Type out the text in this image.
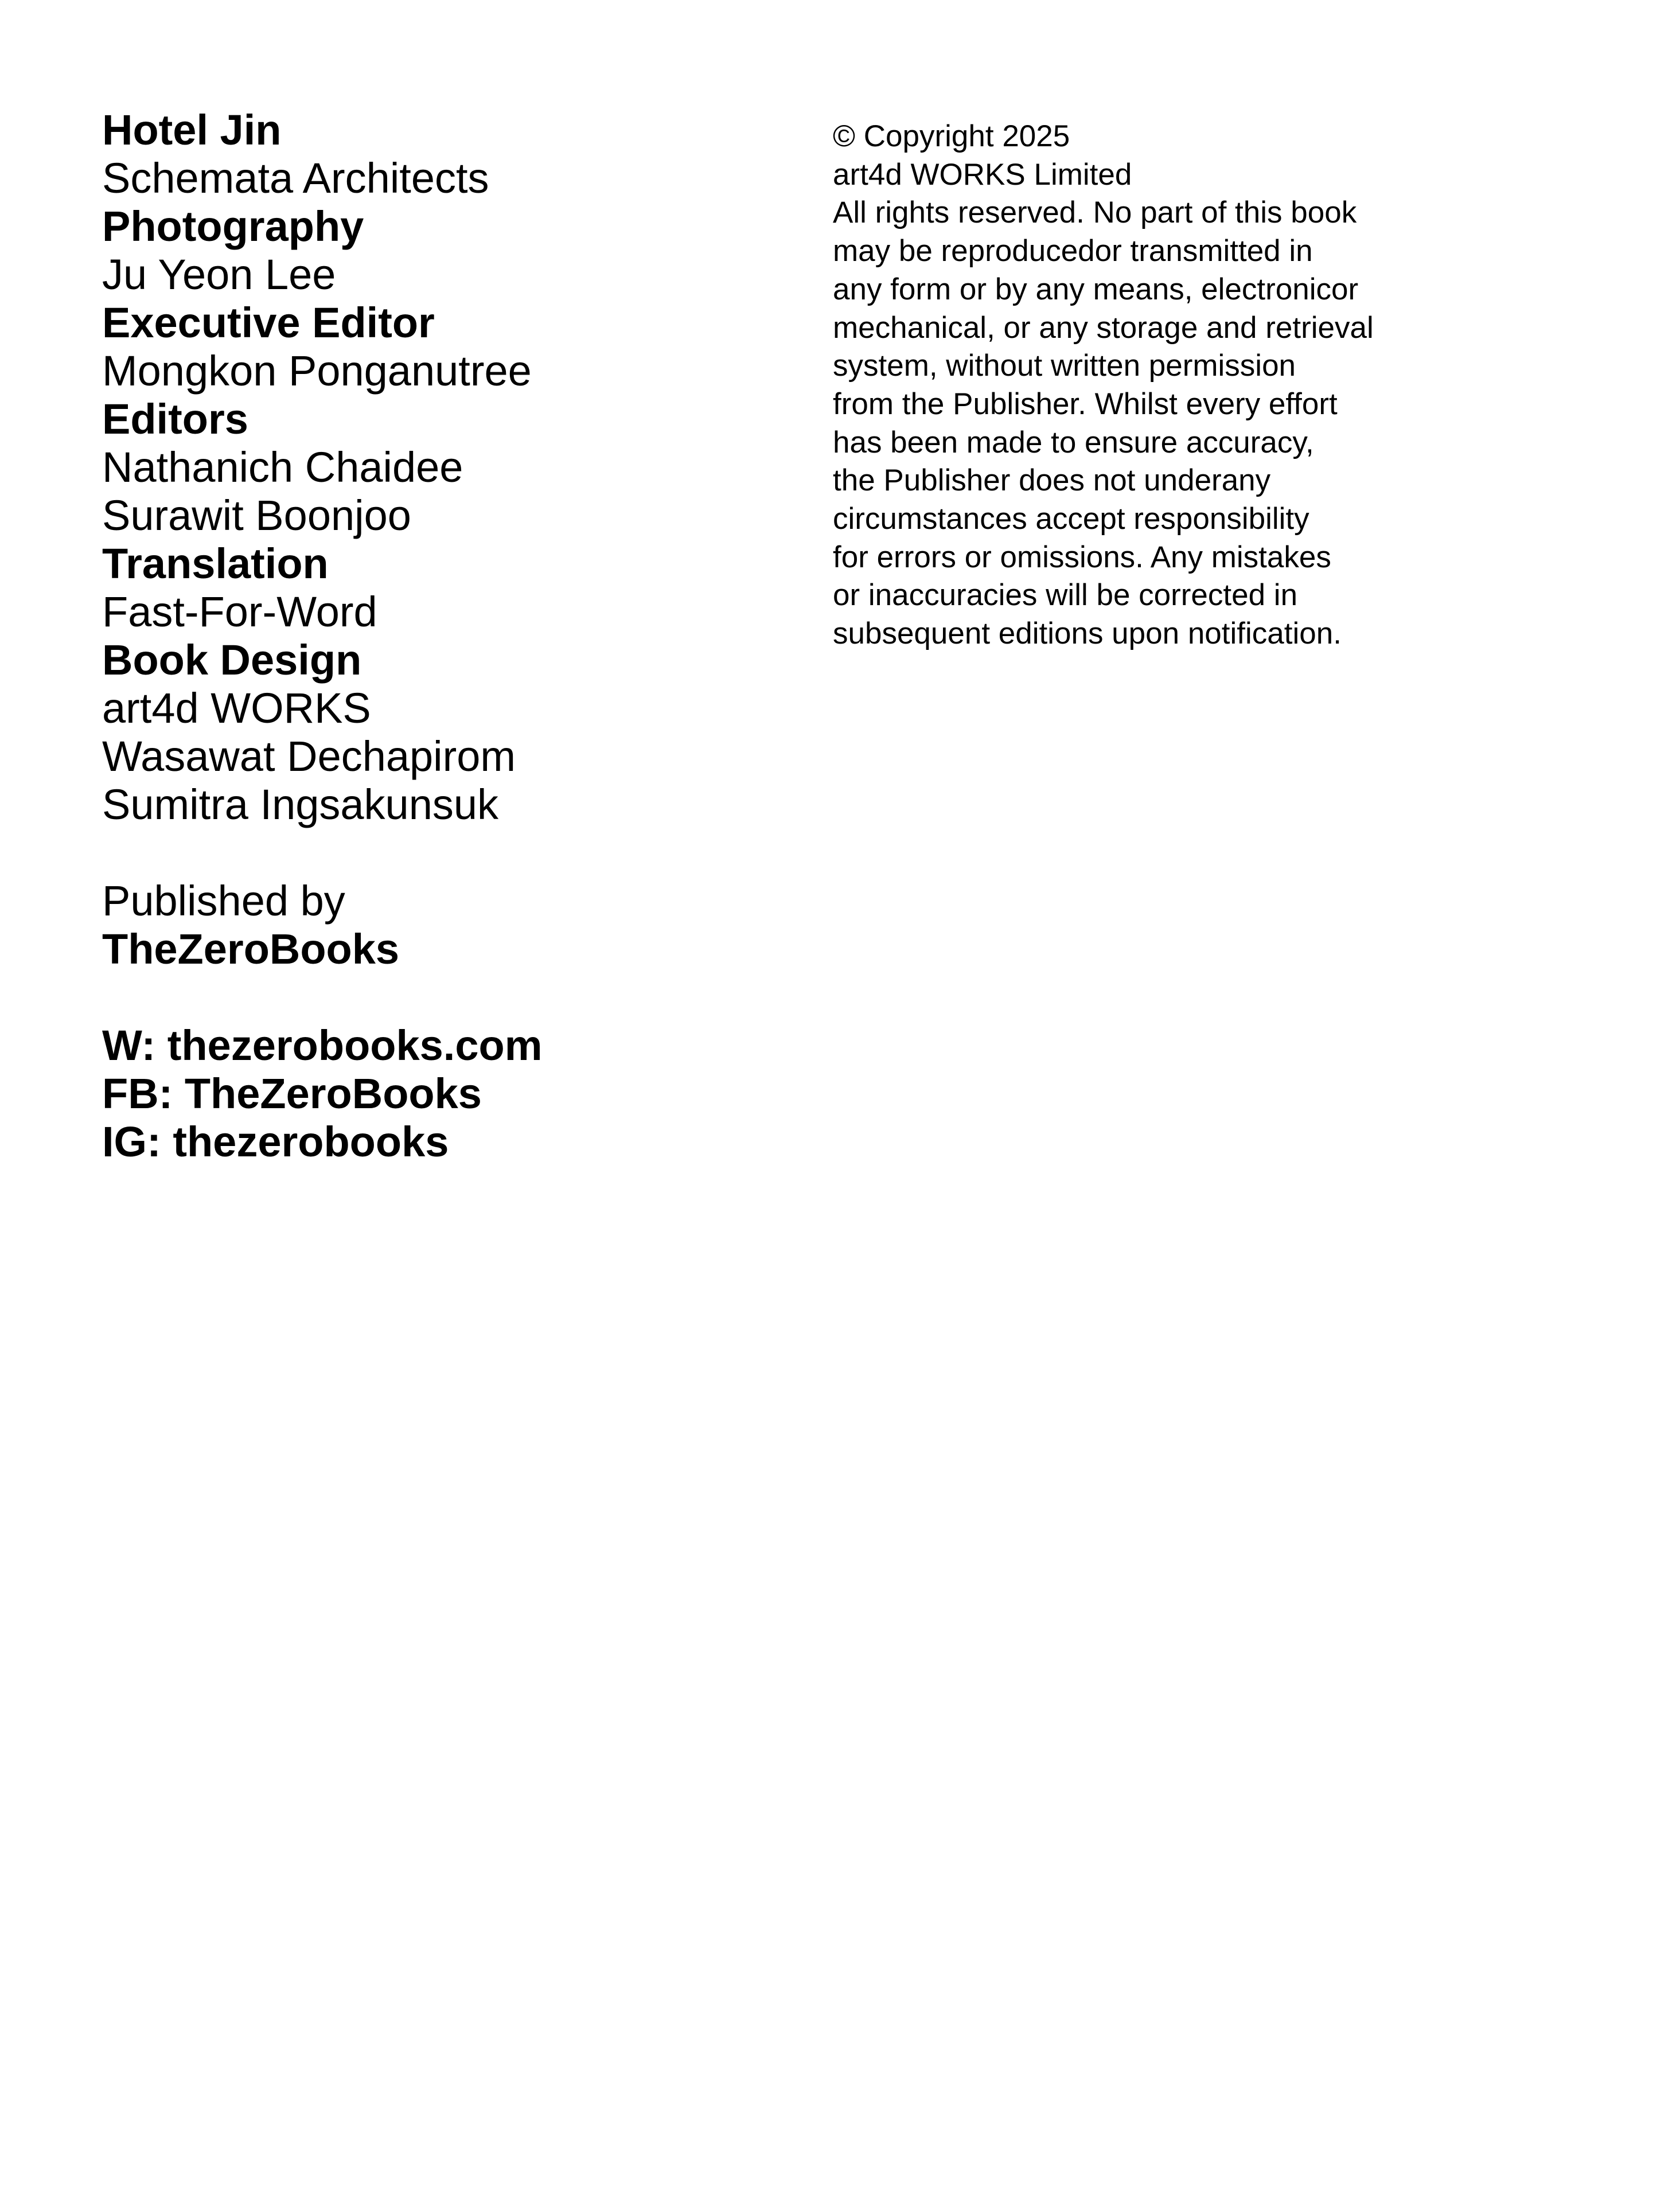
Hotel Jin
Schemata Architects
Photography
Ju Yeon Lee
Executive Editor
Mongkon Ponganutree
Editors
Nathanich Chaidee
Surawit Boonjoo
Translation
Fast-For-Word
Book Design
art4d WORKS
Wasawat Dechapirom
Sumitra Ingsakunsuk
Published by
TheZeroBooks
W: thezerobooks.com
FB: TheZeroBooks
IG: thezerobooks
© Copyright 2025
art4d WORKS Limited
All rights reserved. No part of this book
may be reproducedor transmitted in
any form or by any means, electronicor
mechanical, or any storage and retrieval
system, without written permission
from the Publisher. Whilst every effort
has been made to ensure accuracy,
the Publisher does not underany
circumstances accept responsibility
for errors or omissions. Any mistakes
or inaccuracies will be corrected in
subsequent editions upon notification.
